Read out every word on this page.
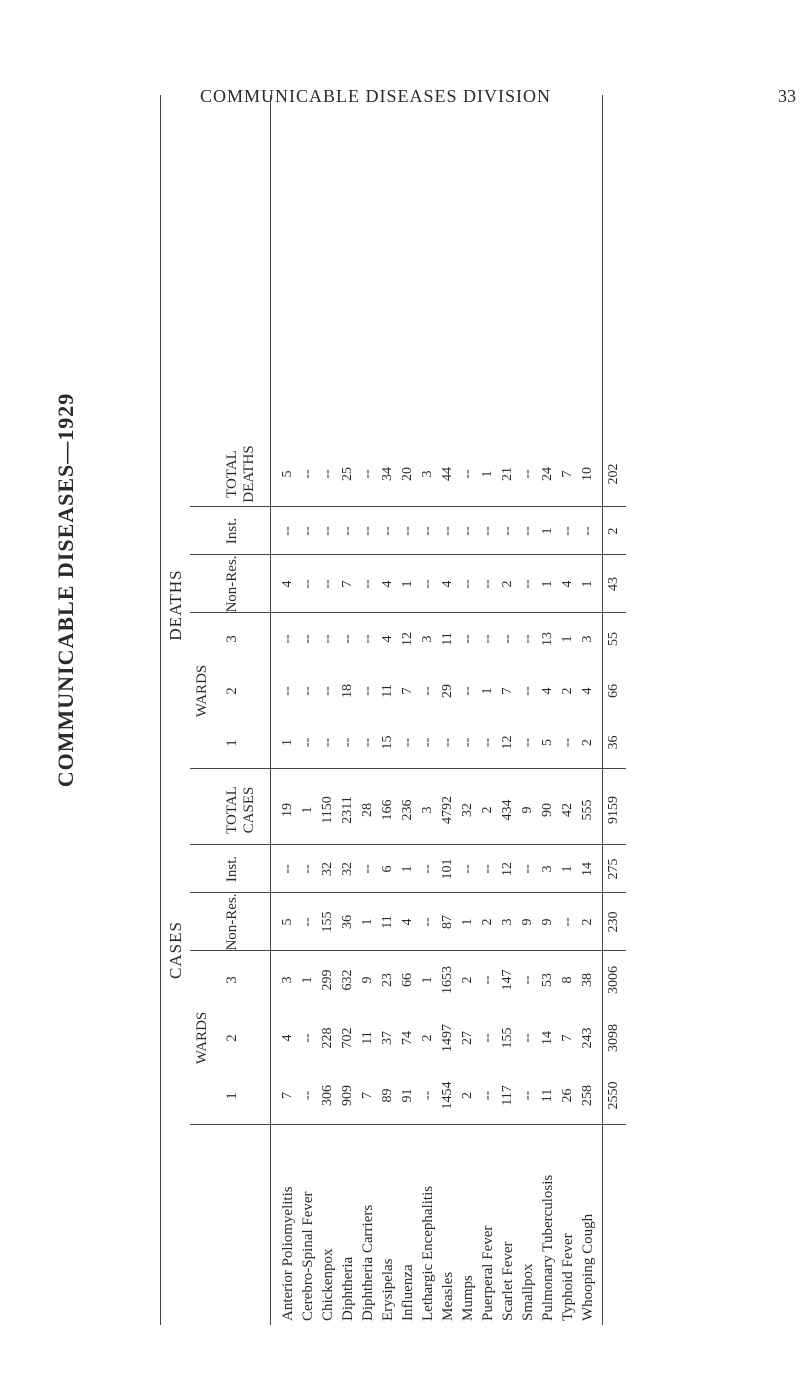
COMMUNICABLE DISEASES DIVISION	33
COMMUNICABLE DISEASES—1929
CASES
DEATHS
WARDS
WARDS
1
2
3
Non-Res.
Inst.
TOTAL CASES
1
2
3
Non-Res.
Inst.
TOTAL DEATHS
Anterior Poliomyelitis
7
4
3
5
--
19
1
--
--
4
--
5
Cerebro-Spinal Fever
--
--
1
--
--
1
--
--
--
--
--
--
Chickenpox
306
228
299
155
32
1150
--
--
--
--
--
--
Diphtheria
909
702
632
36
32
2311
--
18
--
7
--
25
Diphtheria Carriers
7
11
9
1
--
28
--
--
--
--
--
--
Erysipelas
89
37
23
11
6
166
15
11
4
4
--
34
Influenza
91
74
66
4
1
236
--
7
12
1
--
20
Lethargic Encephalitis
--
2
1
--
--
3
--
--
3
--
--
3
Measles
1454
1497
1653
87
101
4792
--
29
11
4
--
44
Mumps
2
27
2
1
--
32
--
--
--
--
--
--
Puerperal Fever
--
--
--
2
--
2
--
1
--
--
--
1
Scarlet Fever
117
155
147
3
12
434
12
7
--
2
--
21
Smallpox
--
--
--
9
--
9
--
--
--
--
--
--
Pulmonary Tuberculosis
11
14
53
9
3
90
5
4
13
1
1
24
Typhoid Fever
26
7
8
--
1
42
--
2
1
4
--
7
Whooping Cough
258
243
38
2
14
555
2
4
3
1
--
10
2550
3098
3006
230
275
9159
36
66
55
43
2
202
